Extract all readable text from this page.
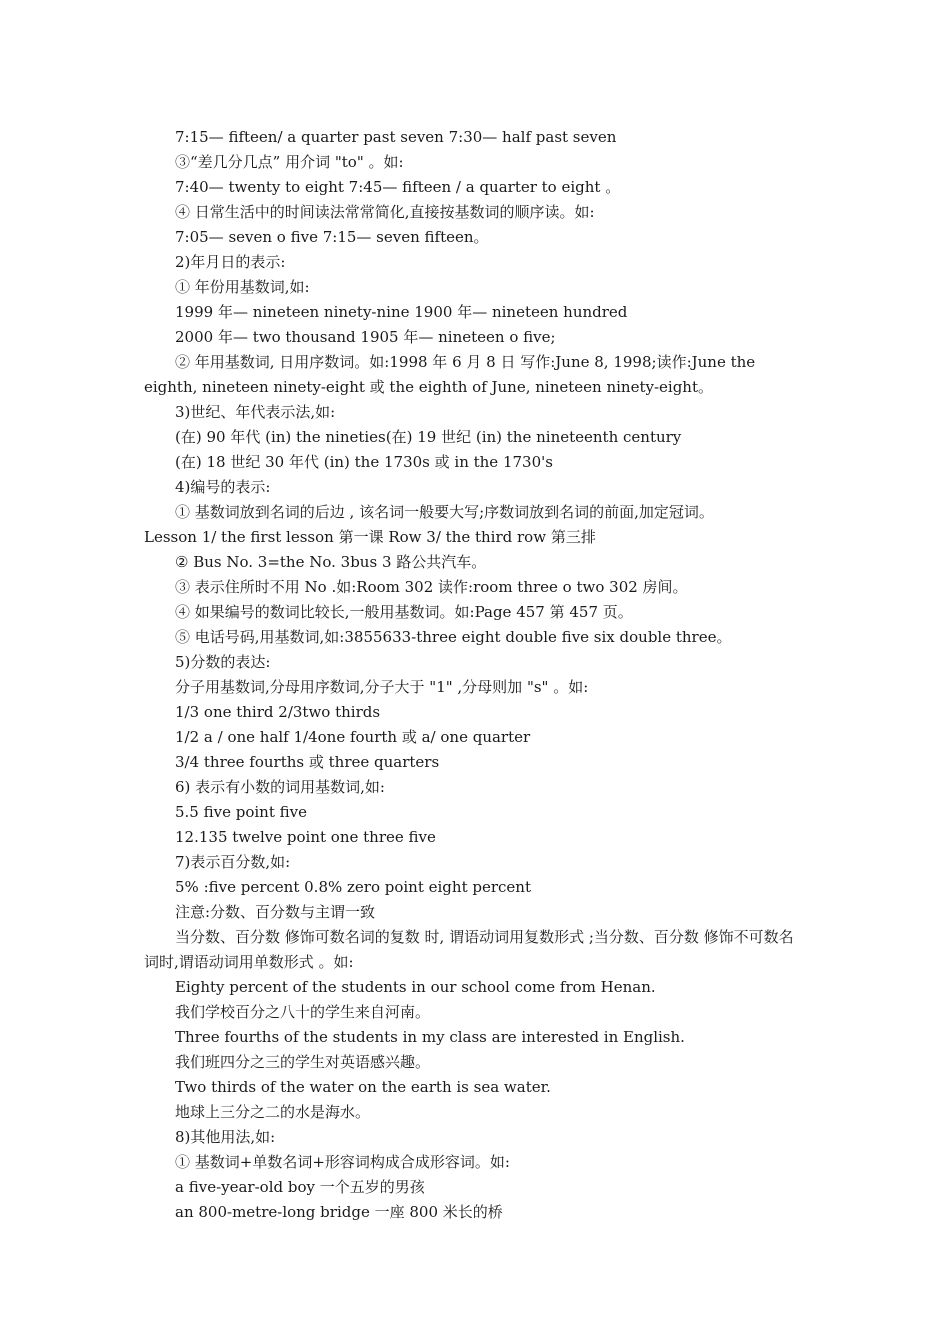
7:15— fifteen/ a quarter past seven 7:30— half past seven
③“差几分几点” 用介词 "to" 。如:
7:40— twenty to eight 7:45— fifteen / a quarter to eight 。
④ 日常生活中的时间读法常常简化,直接按基数词的顺序读。如:
7:05— seven o five 7:15— seven fifteen。
2)年月日的表示:
① 年份用基数词,如:
1999 年— nineteen ninety-nine 1900 年— nineteen hundred
2000 年— two thousand 1905 年— nineteen o five;
② 年用基数词, 日用序数词。如:1998 年 6 月 8 日 写作:June 8, 1998;读作:June the eighth, nineteen ninety-eight 或 the eighth of June, nineteen ninety-eight。
3)世纪、年代表示法,如:
(在) 90 年代 (in) the nineties(在) 19 世纪 (in) the nineteenth century
(在) 18 世纪 30 年代 (in) the 1730s 或 in the 1730's
4)编号的表示:
① 基数词放到名词的后边 , 该名词一般要大写;序数词放到名词的前面,加定冠词。
Lesson 1/ the first lesson 第一课 Row 3/ the third row 第三排
② Bus No. 3=the No. 3bus 3 路公共汽车。
③ 表示住所时不用 No .如:Room 302 读作:room three o two 302 房间。
④ 如果编号的数词比较长,一般用基数词。如:Page 457 第 457 页。
⑤ 电话号码,用基数词,如:3855633-three eight double five six double three。
5)分数的表达:
分子用基数词,分母用序数词,分子大于 "1" ,分母则加 "s" 。如:
1/3 one third 2/3two thirds
1/2 a / one half 1/4one fourth 或 a/ one quarter
3/4 three fourths 或 three quarters
6) 表示有小数的词用基数词,如:
5.5 five point five
12.135 twelve point one three five
7)表示百分数,如:
5% :five percent 0.8% zero point eight percent
注意:分数、百分数与主谓一致
当分数、百分数 修饰可数名词的复数 时, 谓语动词用复数形式 ;当分数、百分数 修饰不可数名词时,谓语动词用单数形式 。如:
Eighty percent of the students in our school come from Henan.
我们学校百分之八十的学生来自河南。
Three fourths of the students in my class are interested in English.
我们班四分之三的学生对英语感兴趣。
Two thirds of the water on the earth is sea water.
地球上三分之二的水是海水。
8)其他用法,如:
① 基数词+单数名词+形容词构成合成形容词。如:
a five-year-old boy 一个五岁的男孩
an 800-metre-long bridge 一座 800 米长的桥
